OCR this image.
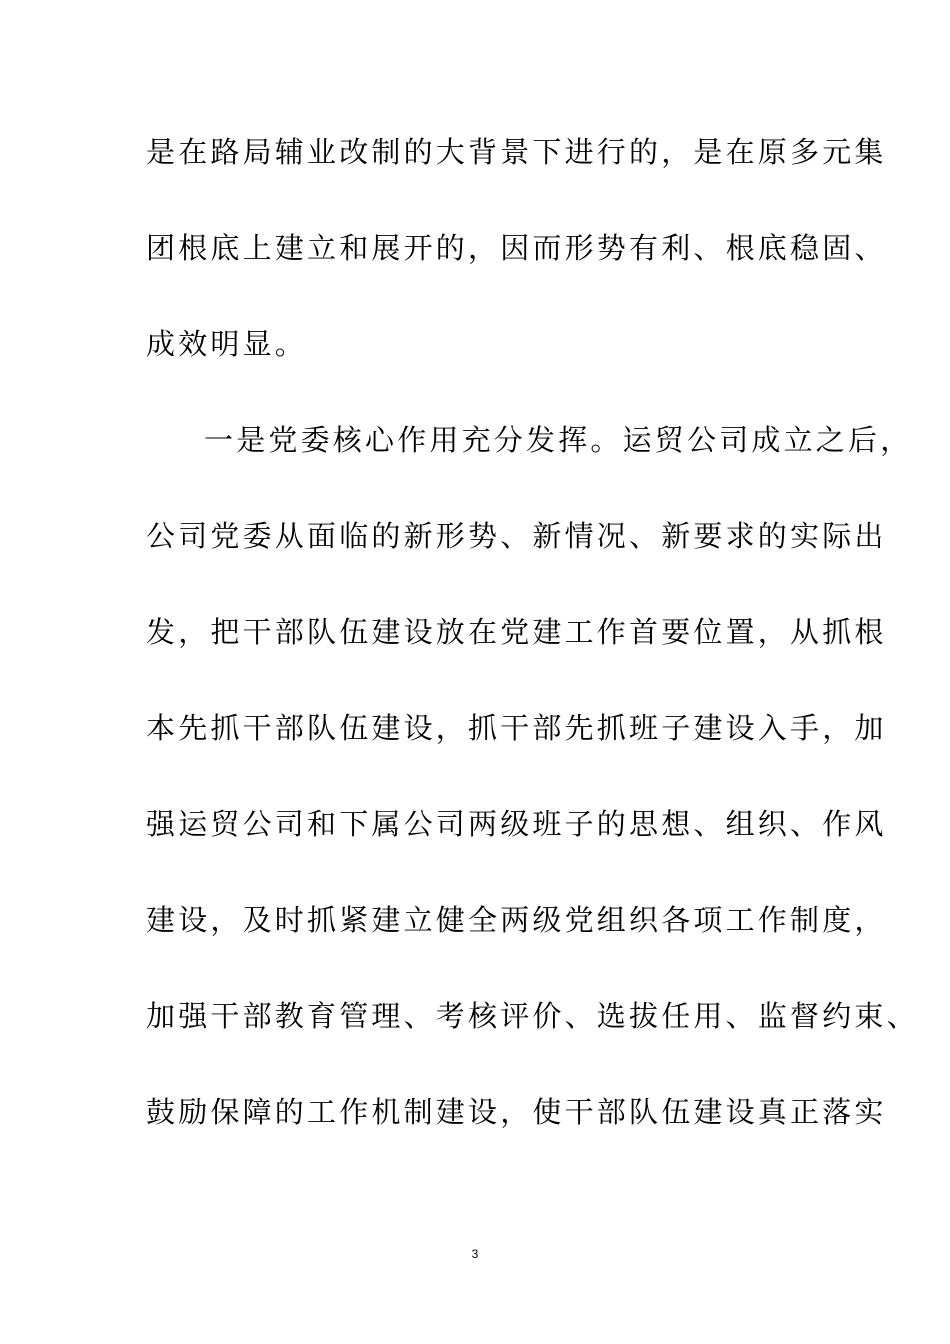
是在路局辅业改制的大背景下进行的，是在原多元集
团根底上建立和展开的，因而形势有利、根底稳固、
成效明显。
一是党委核心作用充分发挥。运贸公司成立之后，
公司党委从面临的新形势、新情况、新要求的实际出
发，把干部队伍建设放在党建工作首要位置，从抓根
本先抓干部队伍建设，抓干部先抓班子建设入手，加
强运贸公司和下属公司两级班子的思想、组织、作风
建设，及时抓紧建立健全两级党组织各项工作制度，
加强干部教育管理、考核评价、选拔任用、监督约束、
鼓励保障的工作机制建设，使干部队伍建设真正落实
3
